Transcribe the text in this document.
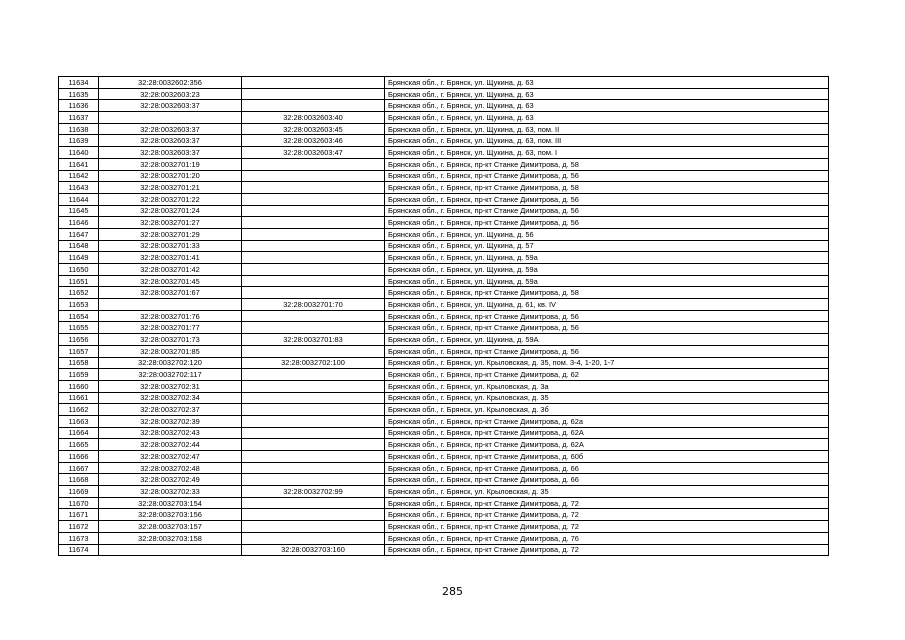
11634	32:28:0032602:356		Брянская обл., г. Брянск, ул. Щукина, д. 63
11635	32:28:0032603:23		Брянская обл., г. Брянск, ул. Щукина, д. 63
11636	32:28:0032603:37		Брянская обл., г. Брянск, ул. Щукина, д. 63
11637		32:28:0032603:40	Брянская обл., г. Брянск, ул. Щукина, д. 63
11638	32:28:0032603:37	32:28:0032603:45	Брянская обл., г. Брянск, ул. Щукина, д. 63, пом. II
11639	32:28:0032603:37	32:28:0032603:46	Брянская обл., г. Брянск, ул. Щукина, д. 63, пом. III
11640	32:28:0032603:37	32:28:0032603:47	Брянская обл., г. Брянск, ул. Щукина, д. 63, пом. I
11641	32:28:0032701:19		Брянская обл., г. Брянск, пр-кт Станке Димитрова, д. 58
11642	32:28:0032701:20		Брянская обл., г. Брянск, пр-кт Станке Димитрова, д. 56
11643	32:28:0032701:21		Брянская обл., г. Брянск, пр-кт Станке Димитрова, д. 58
11644	32:28:0032701:22		Брянская обл., г. Брянск, пр-кт Станке Димитрова, д. 56
11645	32:28:0032701:24		Брянская обл., г. Брянск, пр-кт Станке Димитрова, д. 56
11646	32:28:0032701:27		Брянская обл., г. Брянск, пр-кт Станке Димитрова, д. 56
11647	32:28:0032701:29		Брянская обл., г. Брянск, ул. Щукина, д. 56
11648	32:28:0032701:33		Брянская обл., г. Брянск, ул. Щукина, д. 57
11649	32:28:0032701:41		Брянская обл., г. Брянск, ул. Щукина, д. 59а
11650	32:28:0032701:42		Брянская обл., г. Брянск, ул. Щукина, д. 59а
11651	32:28:0032701:45		Брянская обл., г. Брянск, ул. Щукина, д. 59а
11652	32:28:0032701:67		Брянская обл., г. Брянск, пр-кт Станке Димитрова, д. 58
11653		32:28:0032701:70	Брянская обл., г. Брянск, ул. Щукина, д. 61, кв. IV
11654	32:28:0032701:76		Брянская обл., г. Брянск, пр-кт Станке Димитрова, д. 56
11655	32:28:0032701:77		Брянская обл., г. Брянск, пр-кт Станке Димитрова, д. 56
11656	32:28:0032701:73	32:28:0032701:83	Брянская обл., г. Брянск, ул. Щукина, д. 59А
11657	32:28:0032701:85		Брянская обл., г. Брянск, пр-кт Станке Димитрова, д. 56
11658	32:28:0032702:120	32:28:0032702:100	Брянская обл., г. Брянск, ул. Крыловская, д. 35, пом. 3-4, 1-20, 1-7
11659	32:28:0032702:117		Брянская обл., г. Брянск, пр-кт Станке Димитрова, д. 62
11660	32:28:0032702:31		Брянская обл., г. Брянск, ул. Крыловская, д. 3а
11661	32:28:0032702:34		Брянская обл., г. Брянск, ул. Крыловская, д. 35
11662	32:28:0032702:37		Брянская обл., г. Брянск, ул. Крыловская, д. 3б
11663	32:28:0032702:39		Брянская обл., г. Брянск, пр-кт Станке Димитрова, д. 62а
11664	32:28:0032702:43		Брянская обл., г. Брянск, пр-кт Станке Димитрова, д. 62А
11665	32:28:0032702:44		Брянская обл., г. Брянск, пр-кт Станке Димитрова, д. 62А
11666	32:28:0032702:47		Брянская обл., г. Брянск, пр-кт Станке Димитрова, д. 60б
11667	32:28:0032702:48		Брянская обл., г. Брянск, пр-кт Станке Димитрова, д. 66
11668	32:28:0032702:49		Брянская обл., г. Брянск, пр-кт Станке Димитрова, д. 66
11669	32:28:0032702:33	32:28:0032702:99	Брянская обл., г. Брянск, ул. Крыловская, д. 35
11670	32:28:0032703:154		Брянская обл., г. Брянск, пр-кт Станке Димитрова, д. 72
11671	32:28:0032703:156		Брянская обл., г. Брянск, пр-кт Станке Димитрова, д. 72
11672	32:28:0032703:157		Брянская обл., г. Брянск, пр-кт Станке Димитрова, д. 72
11673	32:28:0032703:158		Брянская обл., г. Брянск, пр-кт Станке Димитрова, д. 76
11674		32:28:0032703:160	Брянская обл., г. Брянск, пр-кт Станке Димитрова, д. 72
285
